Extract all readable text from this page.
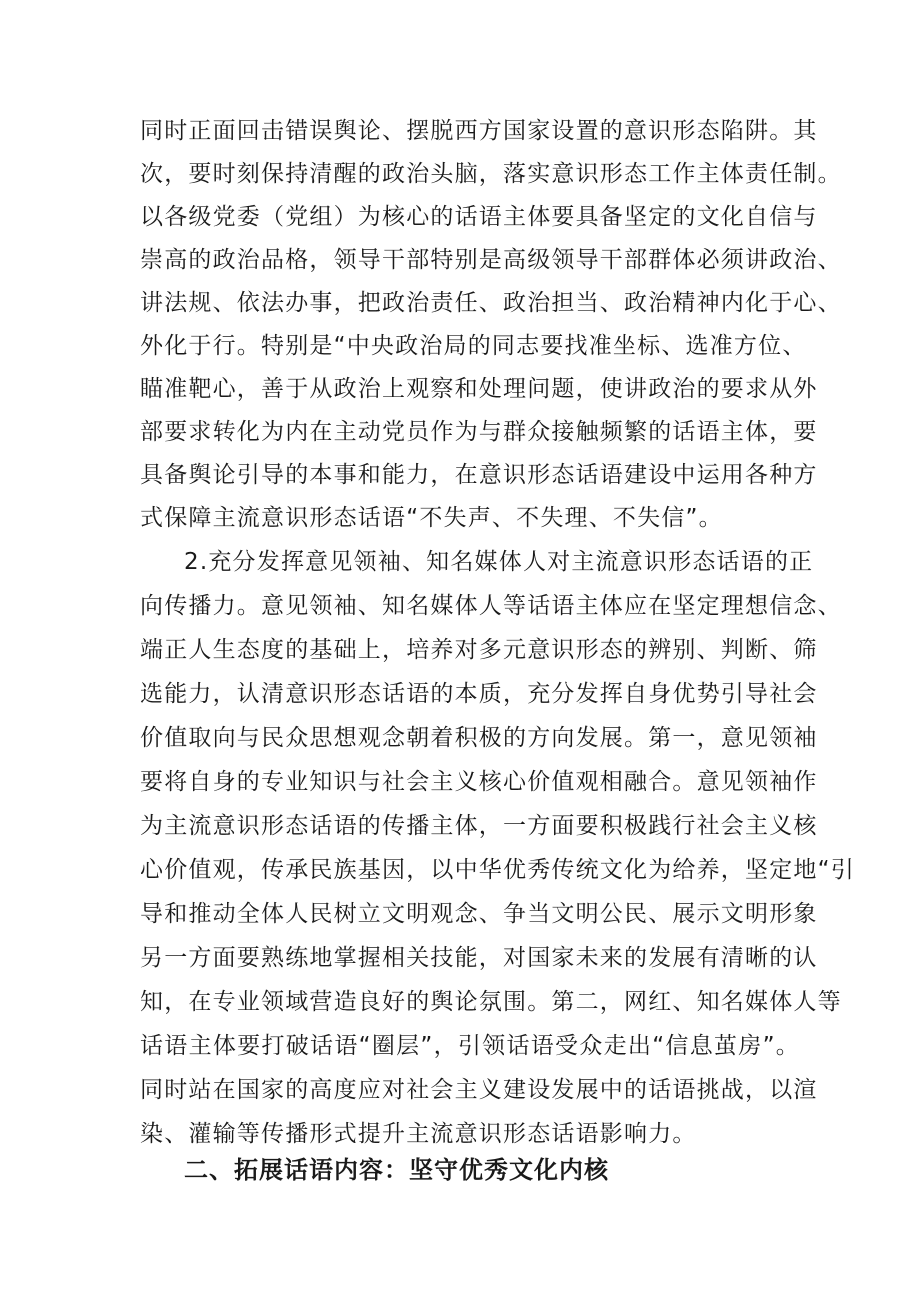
同时正面回击错误舆论、摆脱西方国家设置的意识形态陷阱。其
次，要时刻保持清醒的政治头脑，落实意识形态工作主体责任制。
以各级党委（党组）为核心的话语主体要具备坚定的文化自信与
崇高的政治品格，领导干部特别是高级领导干部群体必须讲政治、
讲法规、依法办事，把政治责任、政治担当、政治精神内化于心、
外化于行。特别是“中央政治局的同志要找准坐标、选准方位、
瞄准靶心，善于从政治上观察和处理问题，使讲政治的要求从外
部要求转化为内在主动党员作为与群众接触频繁的话语主体，要
具备舆论引导的本事和能力，在意识形态话语建设中运用各种方
式保障主流意识形态话语“不失声、不失理、不失信”。
2.充分发挥意见领袖、知名媒体人对主流意识形态话语的正
向传播力。意见领袖、知名媒体人等话语主体应在坚定理想信念、
端正人生态度的基础上，培养对多元意识形态的辨别、判断、筛
选能力，认清意识形态话语的本质，充分发挥自身优势引导社会
价值取向与民众思想观念朝着积极的方向发展。第一，意见领袖
要将自身的专业知识与社会主义核心价值观相融合。意见领袖作
为主流意识形态话语的传播主体，一方面要积极践行社会主义核
心价值观，传承民族基因，以中华优秀传统文化为给养，坚定地“引
导和推动全体人民树立文明观念、争当文明公民、展示文明形象
另一方面要熟练地掌握相关技能，对国家未来的发展有清晰的认
知，在专业领域营造良好的舆论氛围。第二，网红、知名媒体人等
话语主体要打破话语“圈层”，引领话语受众走出“信息茧房”。
同时站在国家的高度应对社会主义建设发展中的话语挑战，以渲
染、灌输等传播形式提升主流意识形态话语影响力。
二、拓展话语内容：坚守优秀文化内核
